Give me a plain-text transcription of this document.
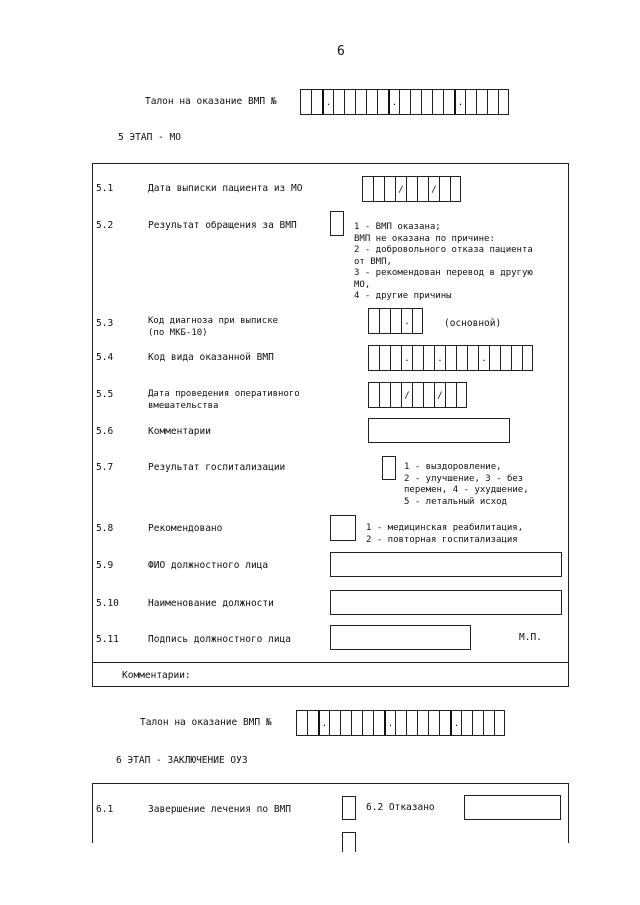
6
Талон на оказание ВМП №	.	.	.
5 ЭТАП - МО
5.1	Дата выписки пациента из МО	/	/
5.2	Результат обращения за ВМП	1 - ВМП оказана;
ВМП не оказана по причине:
2 - добровольного отказа пациента
от ВМП,
3 - рекомендован перевод в другую
МО,
4 - другие причины
5.3	Код диагноза при выписке
(по МКБ-10)
.	(основной)
5.4	Код вида оказанной ВМП	.	.	.
5.5	Дата проведения оперативного
вмешательства
/	/
5.6	Комментарии
5.7	Результат госпитализации	1 - выздоровление,
2 - улучшение, 3 - без
перемен, 4 - ухудшение,
5 - летальный исход
5.8	Рекомендовано	1 - медицинская реабилитация,
2 - повторная госпитализация
5.9	ФИО должностного лица
5.10	Наименование должности
5.11	Подпись должностного лица	М.П.
Комментарии:
Талон на оказание ВМП №	.	.	.
6 ЭТАП - ЗАКЛЮЧЕНИЕ ОУЗ
6.1	Завершение лечения по ВМП	6.2 Отказано
